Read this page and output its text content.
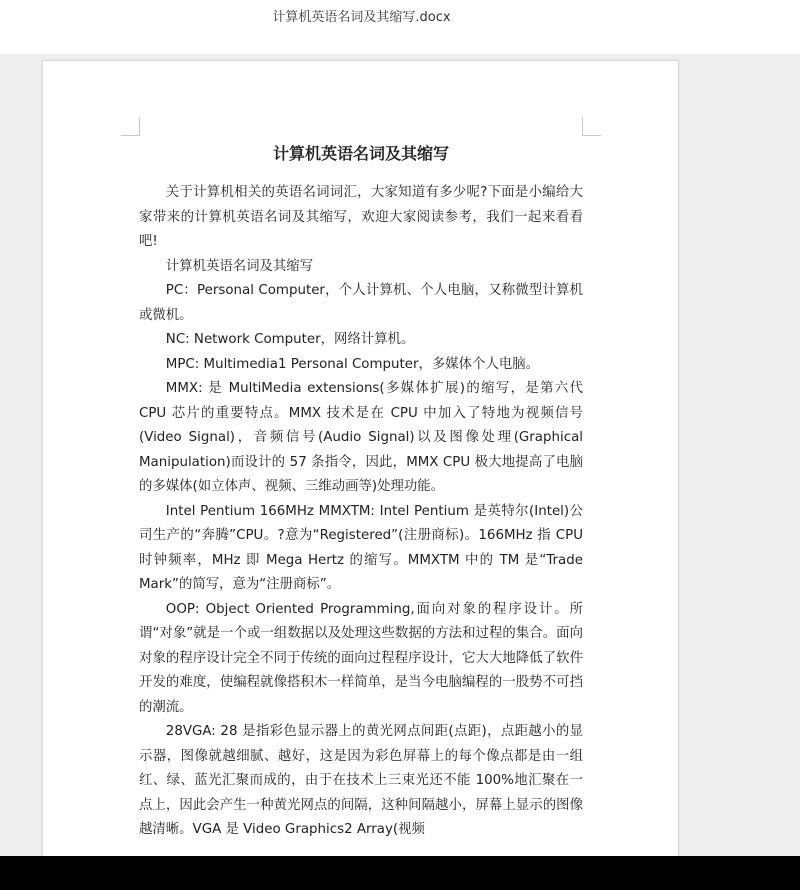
计算机英语名词及其缩写.docx
计算机英语名词及其缩写

关于计算机相关的英语名词词汇，大家知道有多少呢?下面是小编给大家带来的计算机英语名词及其缩写，欢迎大家阅读参考，我们一起来看看吧!

计算机英语名词及其缩写

PC：Personal Computer，个人计算机、个人电脑，又称微型计算机或微机。

NC: Network Computer，网络计算机。

MPC: Multimedia1 Personal Computer，多媒体个人电脑。

MMX: 是 MultiMedia extensions(多媒体扩展)的缩写，是第六代 CPU 芯片的重要特点。MMX 技术是在 CPU 中加入了特地为视频信号(Video Signal)，音频信号(Audio Signal)以及图像处理(Graphical Manipulation)而设计的 57 条指令，因此，MMX CPU 极大地提高了电脑的多媒体(如立体声、视频、三维动画等)处理功能。

Intel Pentium 166MHz MMXTM: Intel Pentium 是英特尔(Intel)公司生产的“奔腾”CPU。?意为“Registered”(注册商标)。166MHz 指 CPU 时钟频率，MHz 即 Mega Hertz 的缩写。MMXTM 中的 TM 是“Trade Mark”的简写，意为“注册商标”。

OOP: Object Oriented Programming,面向对象的程序设计。所谓“对象”就是一个或一组数据以及处理这些数据的方法和过程的集合。面向对象的程序设计完全不同于传统的面向过程程序设计，它大大地降低了软件开发的难度，使编程就像搭积木一样简单，是当今电脑编程的一股势不可挡的潮流。

28VGA: 28 是指彩色显示器上的黄光网点间距(点距)，点距越小的显示器，图像就越细腻、越好，这是因为彩色屏幕上的每个像点都是由一组红、绿、蓝光汇聚而成的，由于在技术上三束光还不能 100%地汇聚在一点上，因此会产生一种黄光网点的间隔，这种间隔越小，屏幕上显示的图像越清晰。VGA 是 Video Graphics2 Array(视频
